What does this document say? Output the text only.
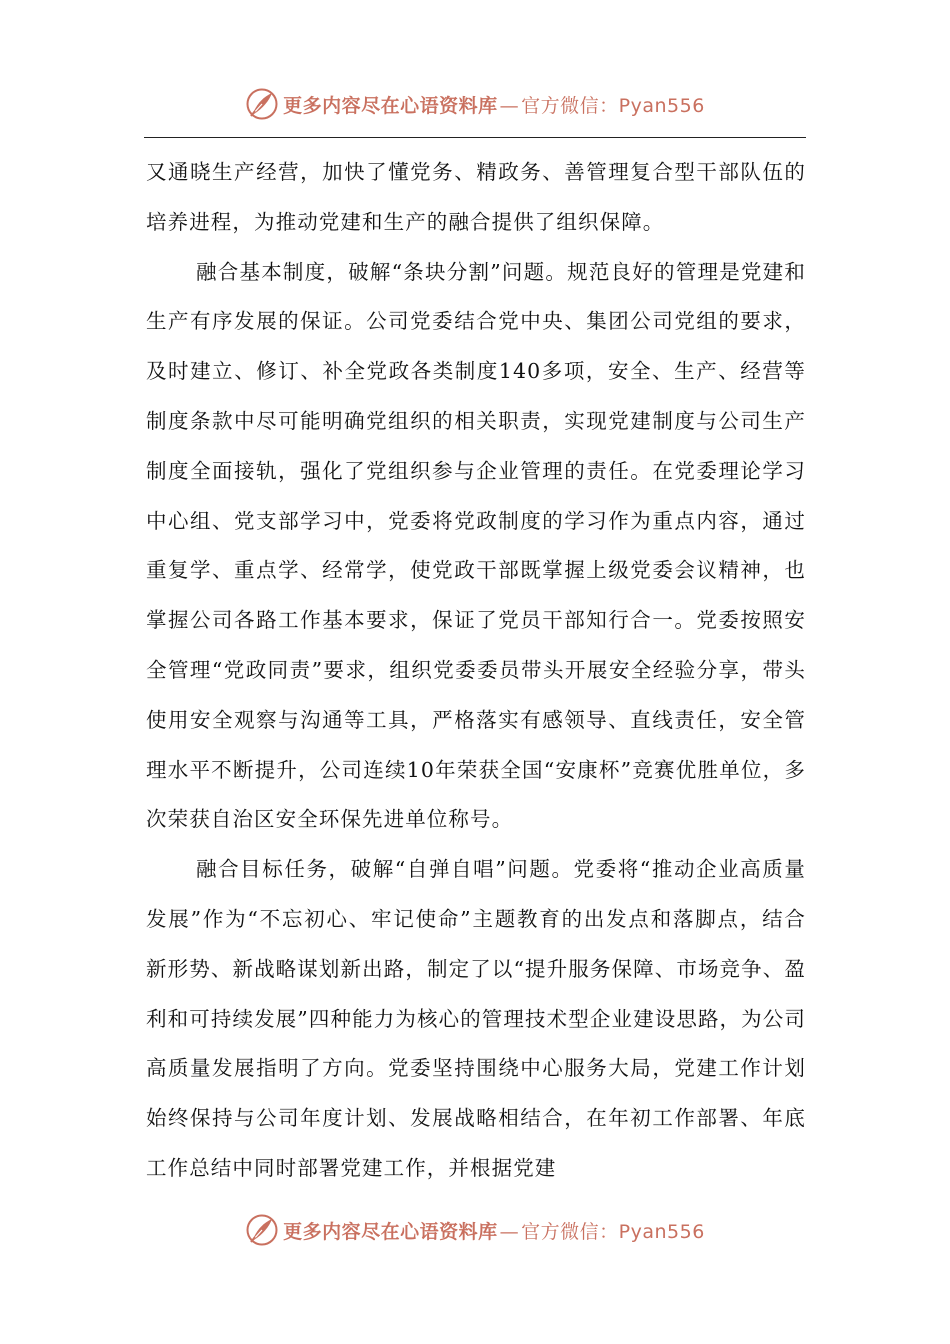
更多内容尽在心语资料库 — 官方微信：Pyan556

又通晓生产经营，加快了懂党务、精政务、善管理复合型干部队伍的培养进程，为推动党建和生产的融合提供了组织保障。

融合基本制度，破解“条块分割”问题。规范良好的管理是党建和生产有序发展的保证。公司党委结合党中央、集团公司党组的要求，及时建立、修订、补全党政各类制度140多项，安全、生产、经营等制度条款中尽可能明确党组织的相关职责，实现党建制度与公司生产制度全面接轨，强化了党组织参与企业管理的责任。在党委理论学习中心组、党支部学习中，党委将党政制度的学习作为重点内容，通过重复学、重点学、经常学，使党政干部既掌握上级党委会议精神，也掌握公司各路工作基本要求，保证了党员干部知行合一。党委按照安全管理“党政同责”要求，组织党委委员带头开展安全经验分享，带头使用安全观察与沟通等工具，严格落实有感领导、直线责任，安全管理水平不断提升，公司连续10年荣获全国“安康杯”竞赛优胜单位，多次荣获自治区安全环保先进单位称号。

融合目标任务，破解“自弹自唱”问题。党委将“推动企业高质量发展”作为“不忘初心、牢记使命”主题教育的出发点和落脚点，结合新形势、新战略谋划新出路，制定了以“提升服务保障、市场竞争、盈利和可持续发展”四种能力为核心的管理技术型企业建设思路，为公司高质量发展指明了方向。党委坚持围绕中心服务大局，党建工作计划始终保持与公司年度计划、发展战略相结合，在年初工作部署、年底工作总结中同时部署党建工作，并根据党建

更多内容尽在心语资料库 — 官方微信：Pyan556
